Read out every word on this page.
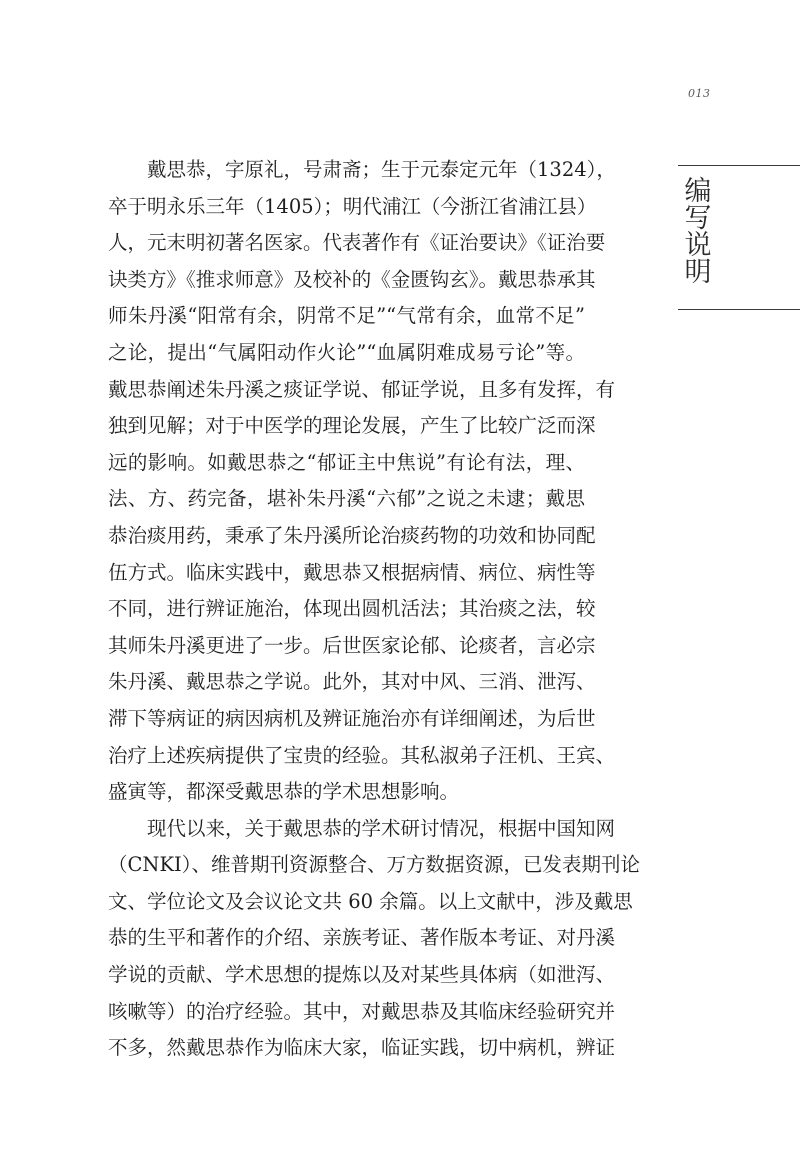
013
编
写
说
明
戴思恭，字原礼，号肃斋；生于元泰定元年（1324），
卒于明永乐三年（1405）；明代浦江（今浙江省浦江县）
人，元末明初著名医家。代表著作有《证治要诀》《证治要
诀类方》《推求师意》及校补的《金匮钩玄》。戴思恭承其
师朱丹溪“阳常有余，阴常不足”“气常有余，血常不足”
之论，提出“气属阳动作火论”“血属阴难成易亏论”等。
戴思恭阐述朱丹溪之痰证学说、郁证学说，且多有发挥，有
独到见解；对于中医学的理论发展，产生了比较广泛而深
远的影响。如戴思恭之“郁证主中焦说”有论有法，理、
法、方、药完备，堪补朱丹溪“六郁”之说之未逮；戴思
恭治痰用药，秉承了朱丹溪所论治痰药物的功效和协同配
伍方式。临床实践中，戴思恭又根据病情、病位、病性等
不同，进行辨证施治，体现出圆机活法；其治痰之法，较
其师朱丹溪更进了一步。后世医家论郁、论痰者，言必宗
朱丹溪、戴思恭之学说。此外，其对中风、三消、泄泻、
滞下等病证的病因病机及辨证施治亦有详细阐述，为后世
治疗上述疾病提供了宝贵的经验。其私淑弟子汪机、王宾、
盛寅等，都深受戴思恭的学术思想影响。
现代以来，关于戴思恭的学术研讨情况，根据中国知网
（CNKI）、维普期刊资源整合、万方数据资源，已发表期刊论
文、学位论文及会议论文共 60 余篇。以上文献中，涉及戴思
恭的生平和著作的介绍、亲族考证、著作版本考证、对丹溪
学说的贡献、学术思想的提炼以及对某些具体病（如泄泻、
咳嗽等）的治疗经验。其中，对戴思恭及其临床经验研究并
不多，然戴思恭作为临床大家，临证实践，切中病机，辨证
